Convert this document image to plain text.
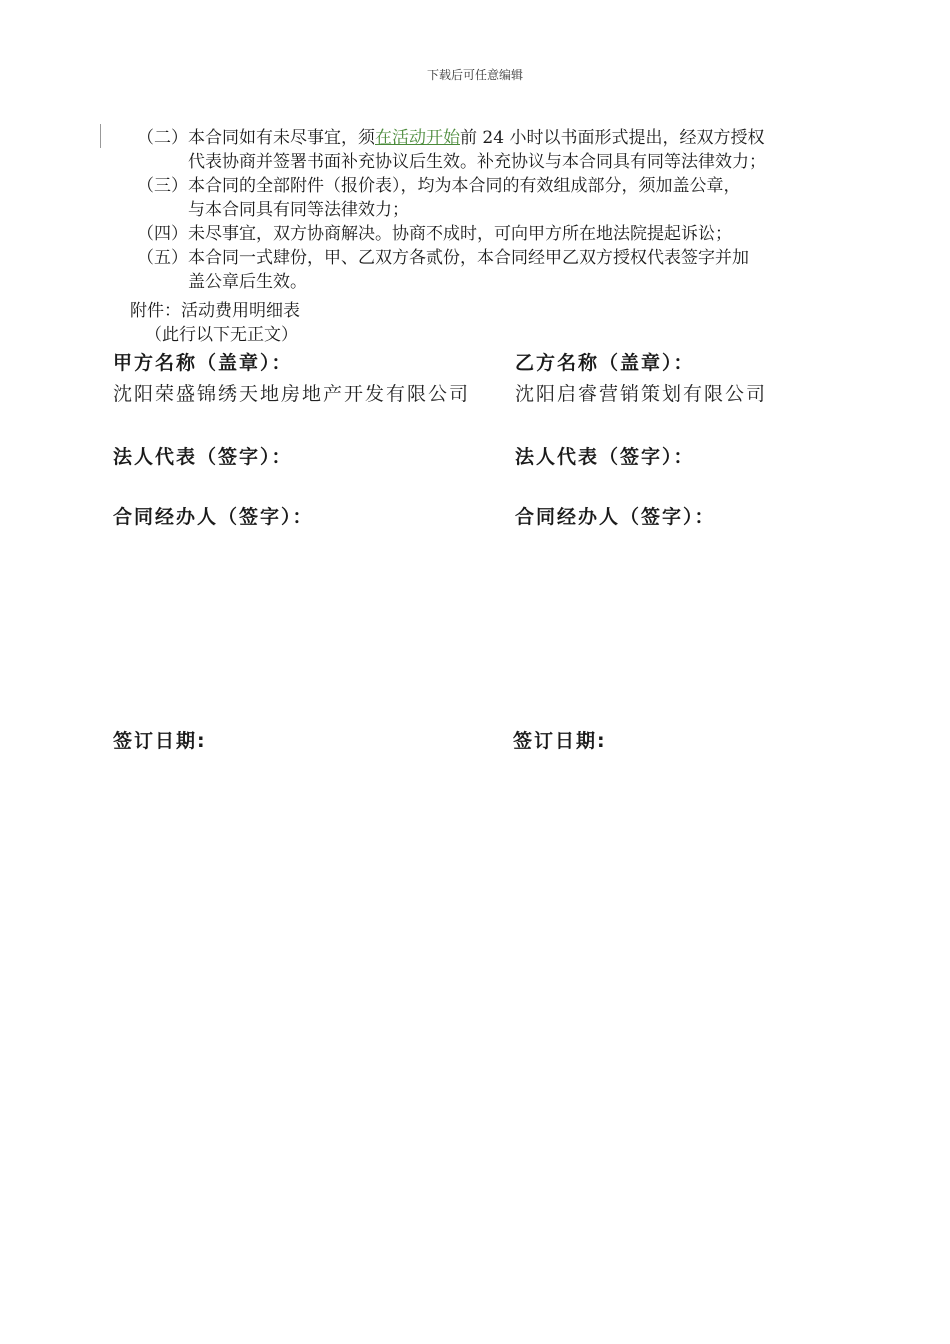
下载后可任意编辑
（二）本合同如有未尽事宜，须在活动开始前 24 小时以书面形式提出，经双方授权
代表协商并签署书面补充协议后生效。补充协议与本合同具有同等法律效力；
（三）本合同的全部附件（报价表），均为本合同的有效组成部分，须加盖公章，
与本合同具有同等法律效力；
（四）未尽事宜，双方协商解决。协商不成时，可向甲方所在地法院提起诉讼；
（五）本合同一式肆份，甲、乙双方各贰份，本合同经甲乙双方授权代表签字并加
盖公章后生效。
附件：活动费用明细表
（此行以下无正文）
甲方名称（盖章）：
沈阳荣盛锦绣天地房地产开发有限公司
法人代表（签字）：
合同经办人（签字）：
签订日期:
乙方名称（盖章）：
沈阳启睿营销策划有限公司
法人代表（签字）：
合同经办人（签字）：
签订日期:
